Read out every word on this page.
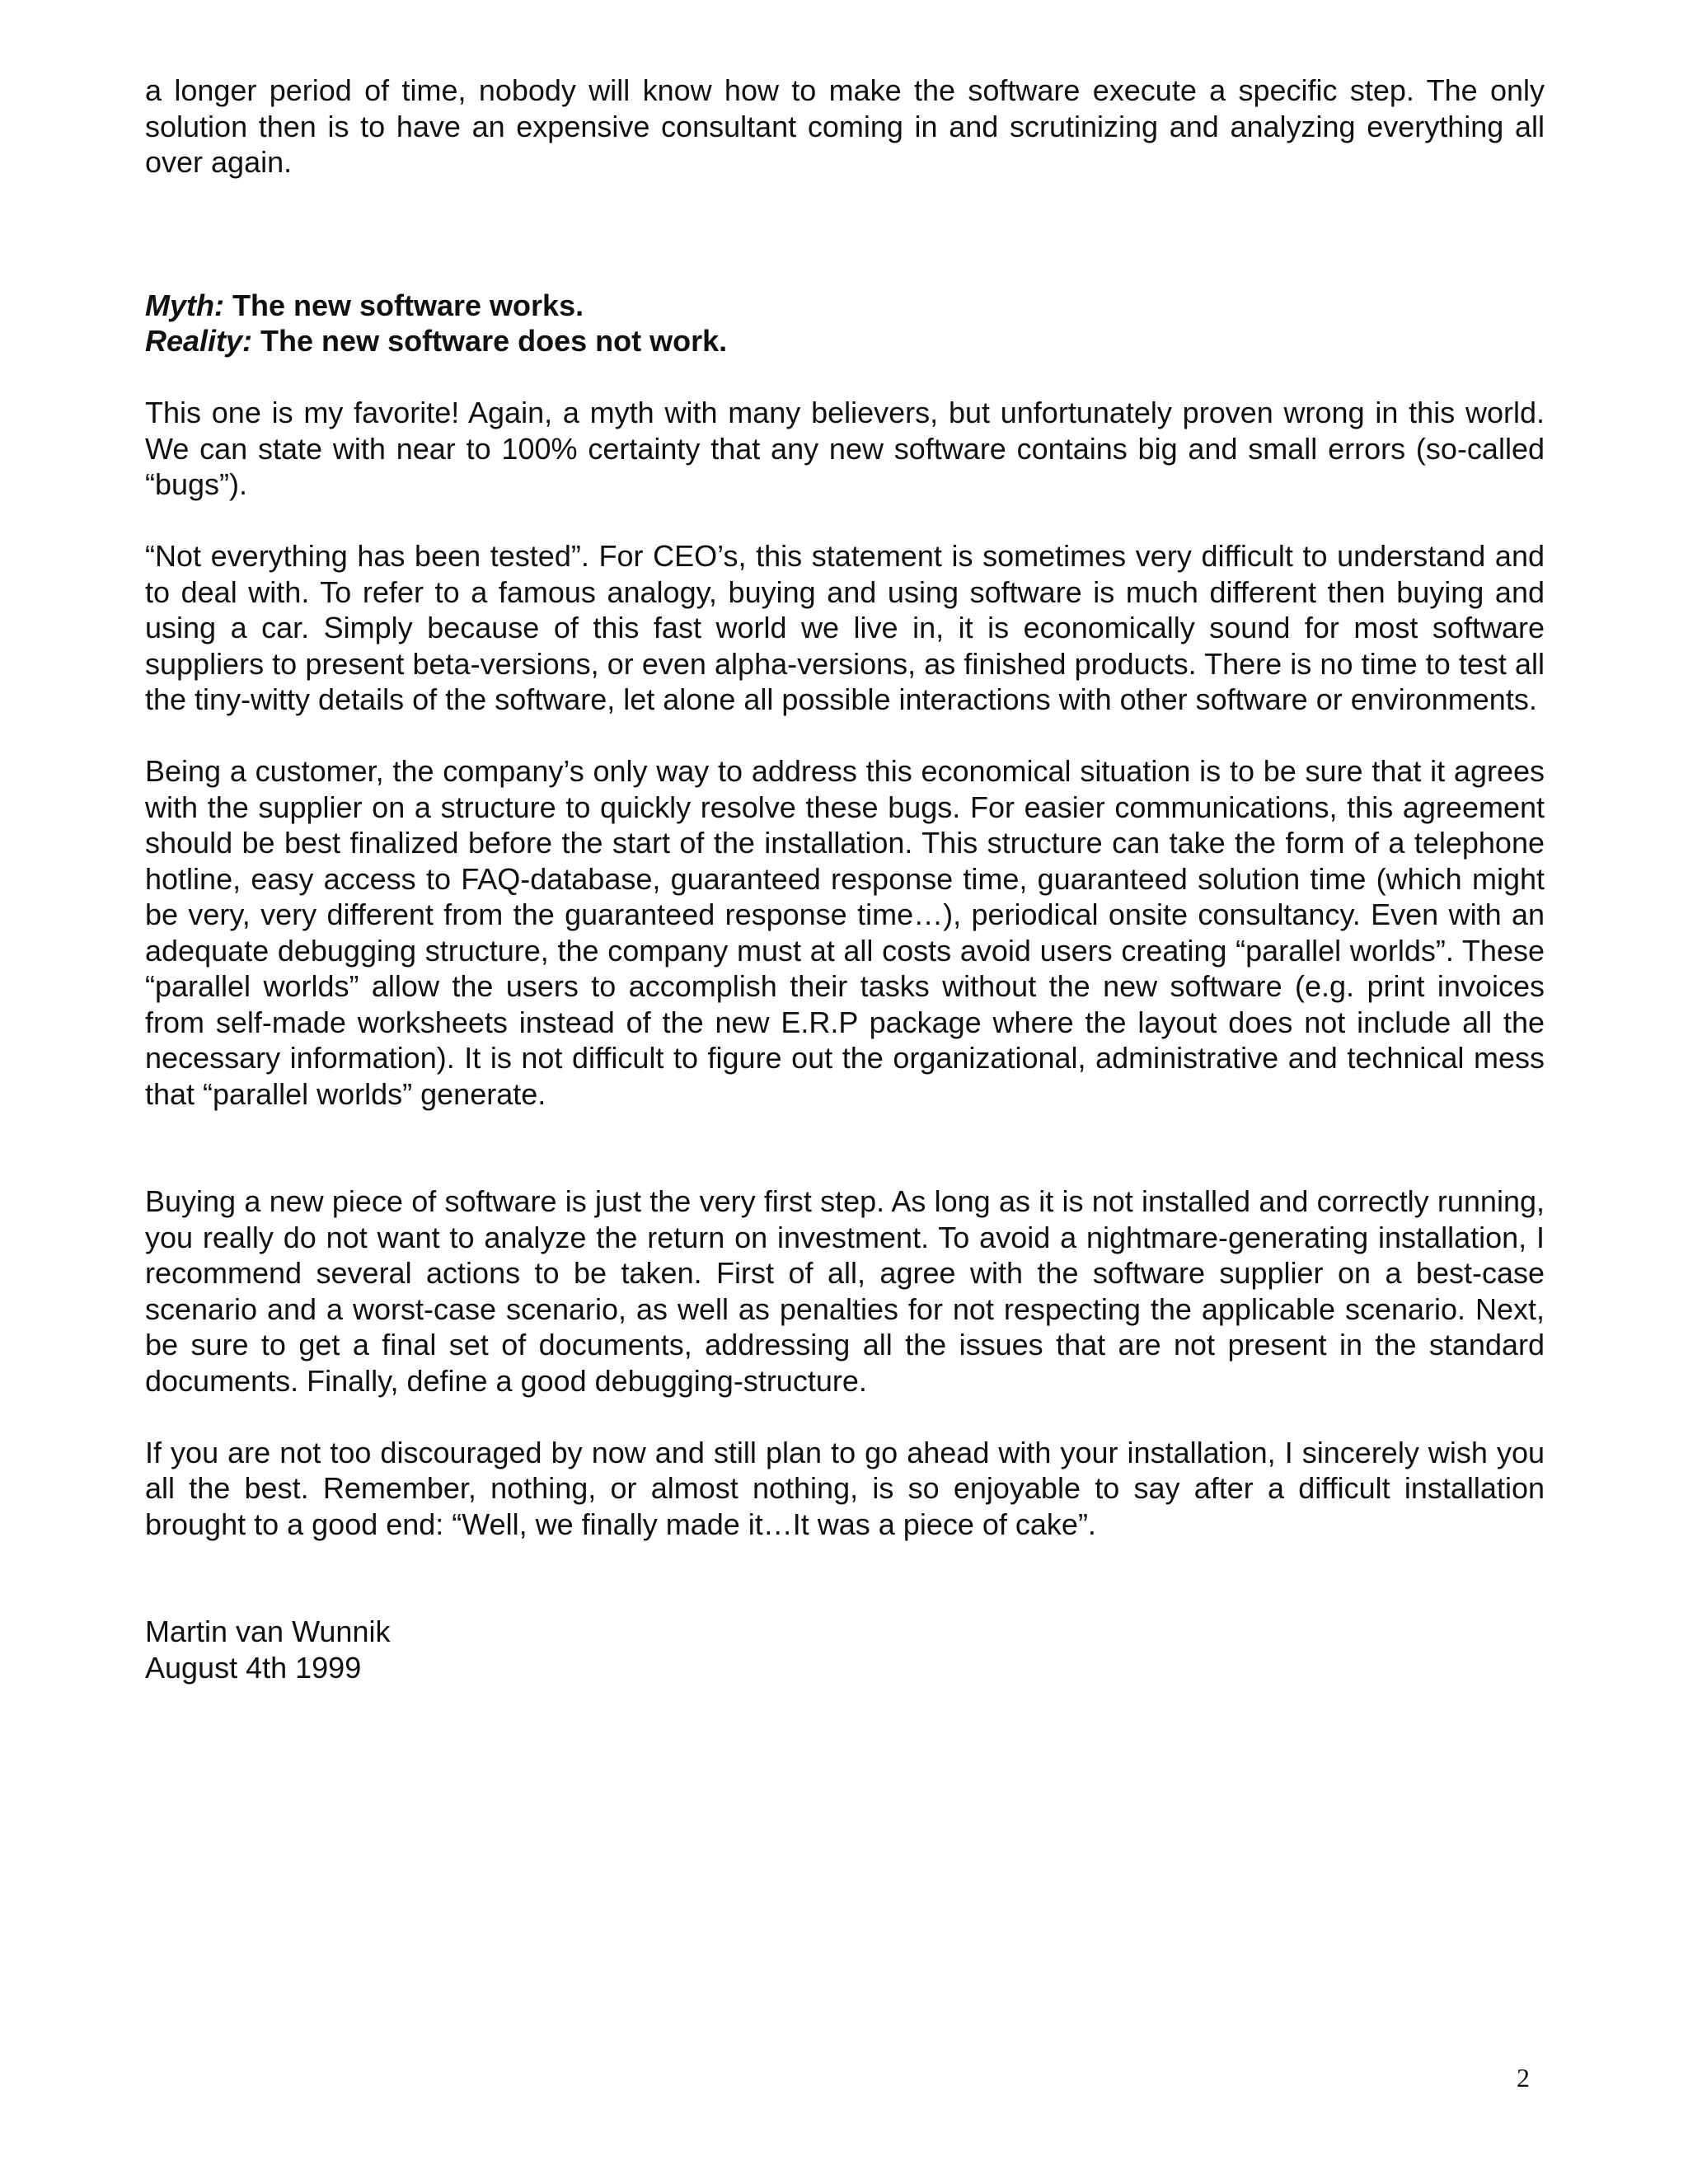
a longer period of time, nobody will know how to make the software execute a specific step. The only solution then is to have an expensive consultant coming in and scrutinizing and analyzing everything all over again.

Myth: The new software works.
Reality: The new software does not work.

This one is my favorite! Again, a myth with many believers, but unfortunately proven wrong in this world. We can state with near to 100% certainty that any new software contains big and small errors (so-called “bugs”).

“Not everything has been tested”. For CEO’s, this statement is sometimes very difficult to understand and to deal with. To refer to a famous analogy, buying and using software is much different then buying and using a car. Simply because of this fast world we live in, it is economically sound for most software suppliers to present beta-versions, or even alpha-versions, as finished products. There is no time to test all the tiny-witty details of the software, let alone all possible interactions with other software or environments.

Being a customer, the company’s only way to address this economical situation is to be sure that it agrees with the supplier on a structure to quickly resolve these bugs. For easier communications, this agreement should be best finalized before the start of the installation. This structure can take the form of a telephone hotline, easy access to FAQ-database, guaranteed response time, guaranteed solution time (which might be very, very different from the guaranteed response time…), periodical onsite consultancy. Even with an adequate debugging structure, the company must at all costs avoid users creating “parallel worlds”. These “parallel worlds” allow the users to accomplish their tasks without the new software (e.g. print invoices from self-made worksheets instead of the new E.R.P package where the layout does not include all the necessary information). It is not difficult to figure out the organizational, administrative and technical mess that “parallel worlds” generate.

Buying a new piece of software is just the very first step. As long as it is not installed and correctly running, you really do not want to analyze the return on investment. To avoid a nightmare-generating installation, I recommend several actions to be taken. First of all, agree with the software supplier on a best-case scenario and a worst-case scenario, as well as penalties for not respecting the applicable scenario. Next, be sure to get a final set of documents, addressing all the issues that are not present in the standard documents. Finally, define a good debugging-structure.

If you are not too discouraged by now and still plan to go ahead with your installation, I sincerely wish you all the best. Remember, nothing, or almost nothing, is so enjoyable to say after a difficult installation brought to a good end: “Well, we finally made it…It was a piece of cake”.

Martin van Wunnik
August 4th 1999
2
